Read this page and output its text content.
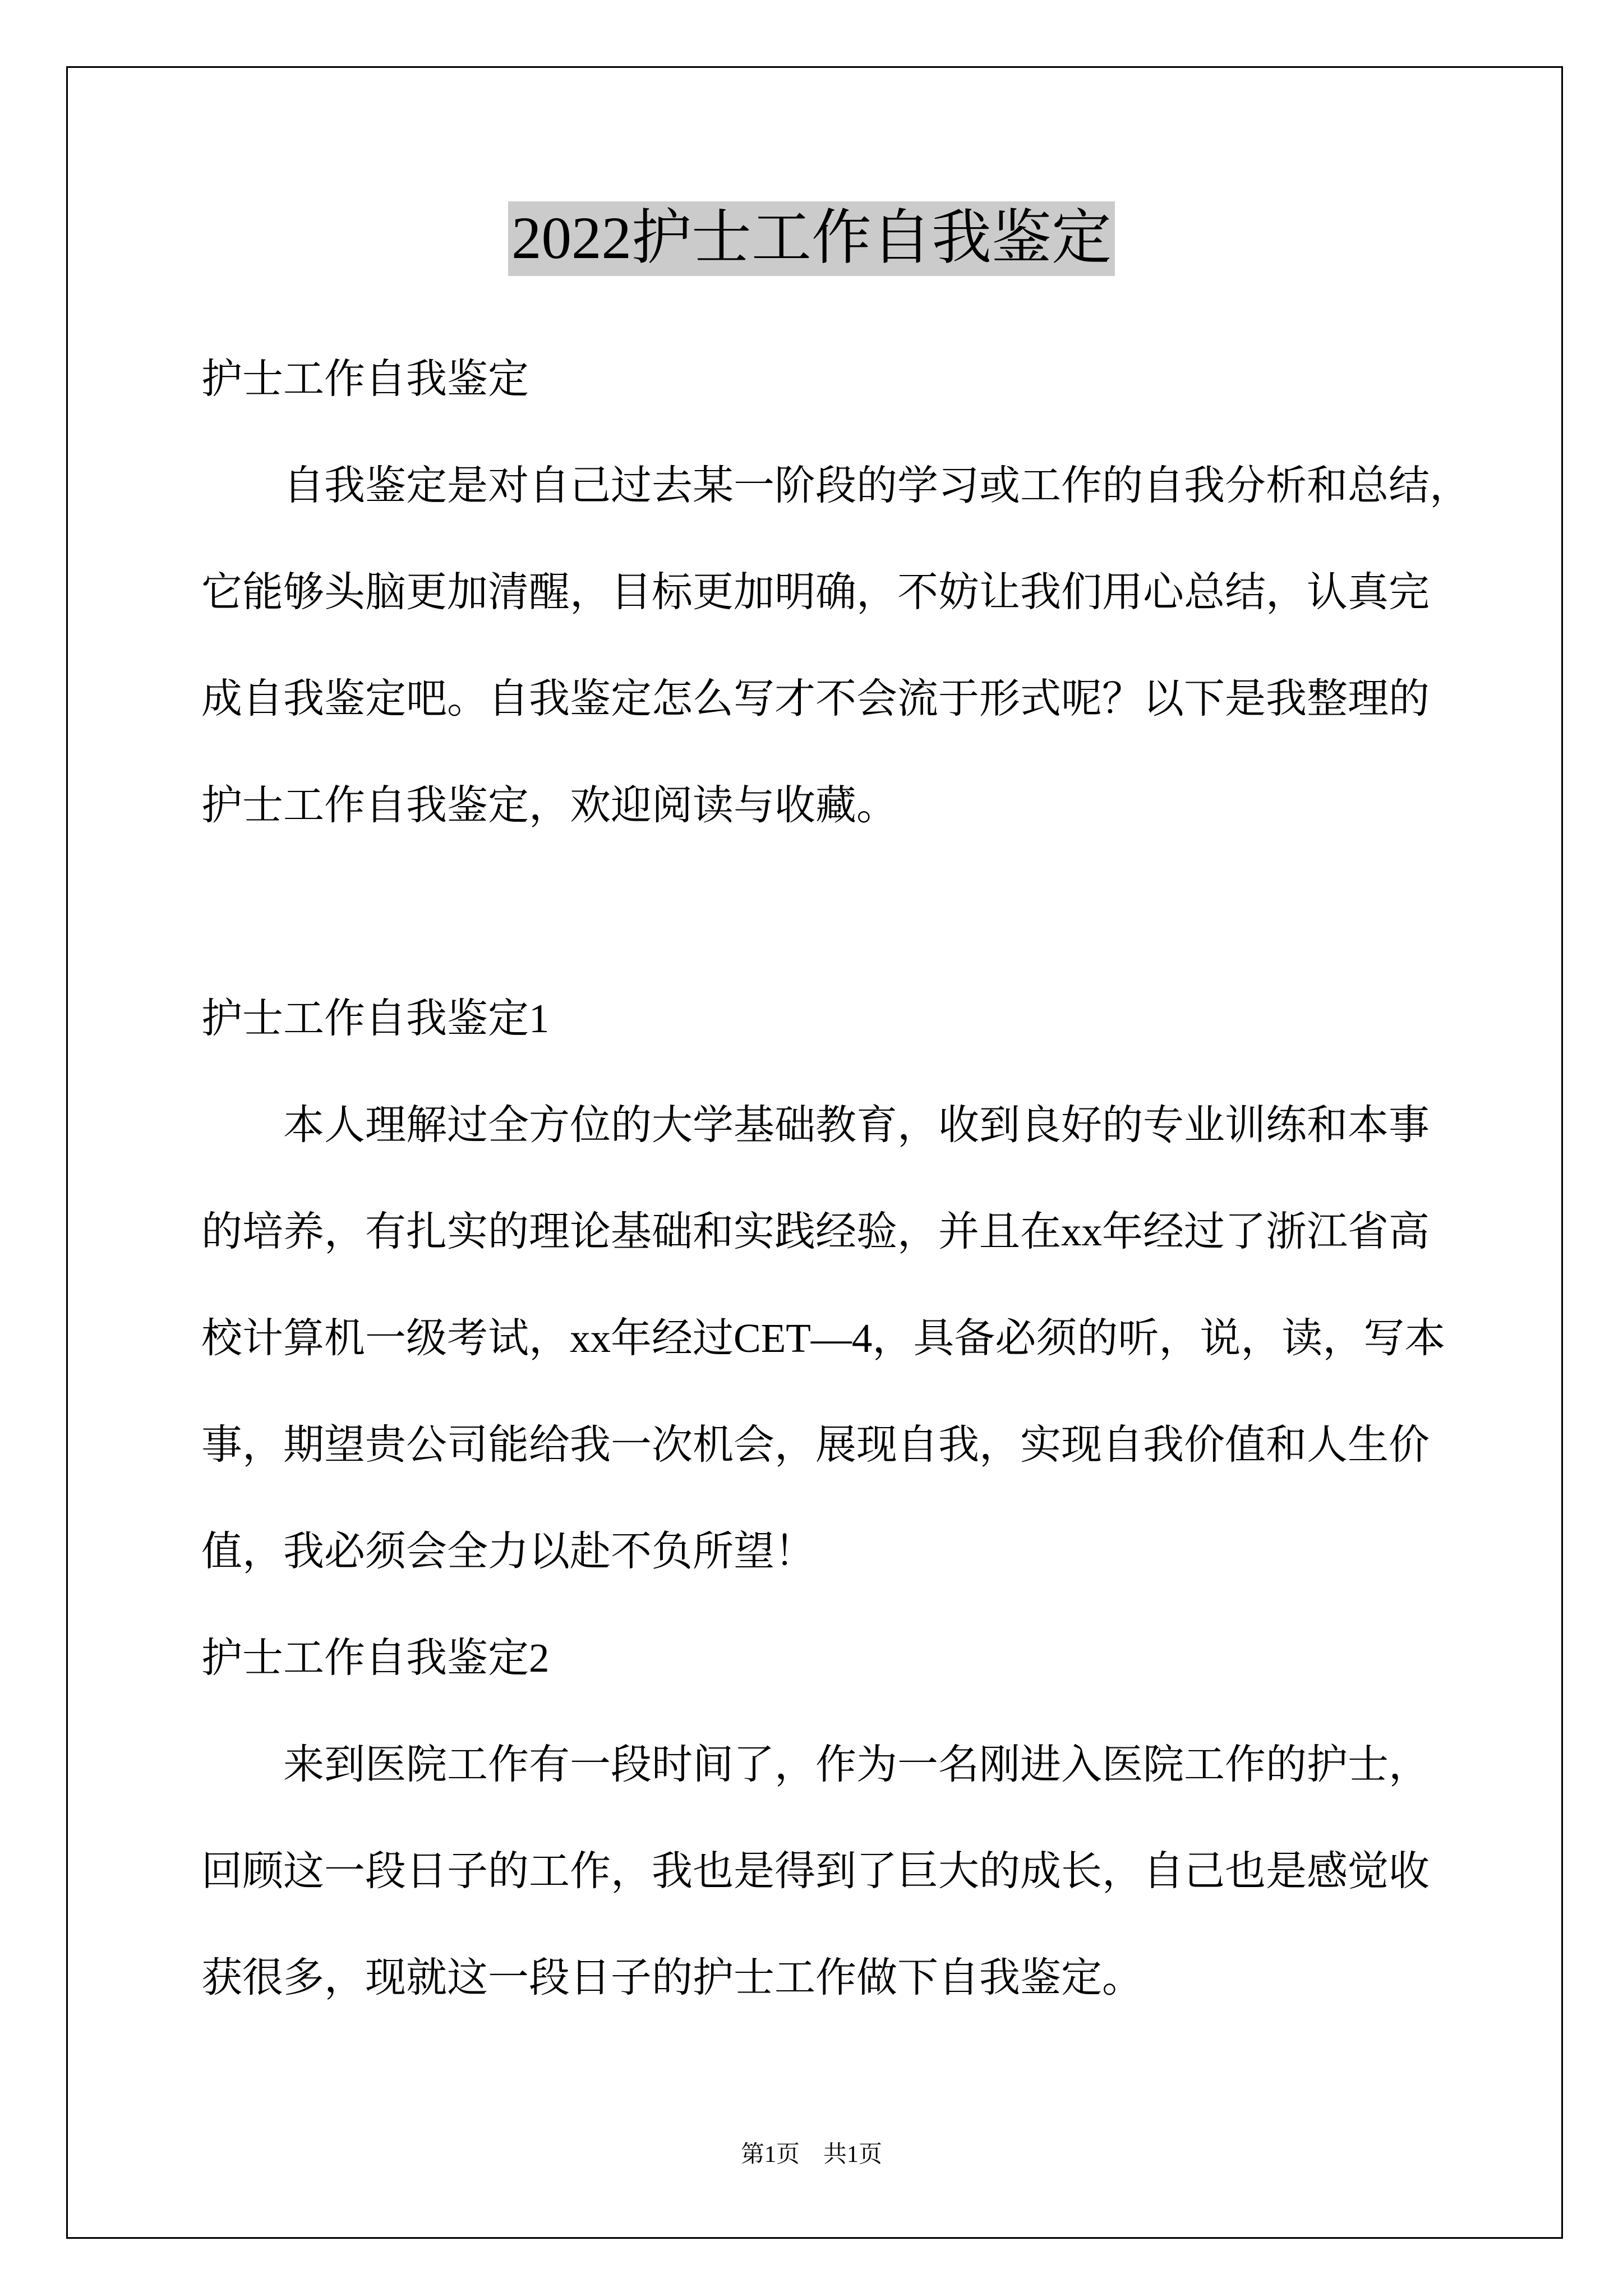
2022护士工作自我鉴定
护士工作自我鉴定
自我鉴定是对自己过去某一阶段的学习或工作的自我分析和总结，
它能够头脑更加清醒，目标更加明确，不妨让我们用心总结，认真完
成自我鉴定吧。自我鉴定怎么写才不会流于形式呢？以下是我整理的
护士工作自我鉴定，欢迎阅读与收藏。
护士工作自我鉴定1
本人理解过全方位的大学基础教育，收到良好的专业训练和本事
的培养，有扎实的理论基础和实践经验，并且在xx年经过了浙江省高
校计算机一级考试，xx年经过CET—4，具备必须的听，说，读，写本
事，期望贵公司能给我一次机会，展现自我，实现自我价值和人生价
值，我必须会全力以赴不负所望！
护士工作自我鉴定2
来到医院工作有一段时间了，作为一名刚进入医院工作的护士，
回顾这一段日子的工作，我也是得到了巨大的成长，自己也是感觉收
获很多，现就这一段日子的护士工作做下自我鉴定。
第1页　共1页
